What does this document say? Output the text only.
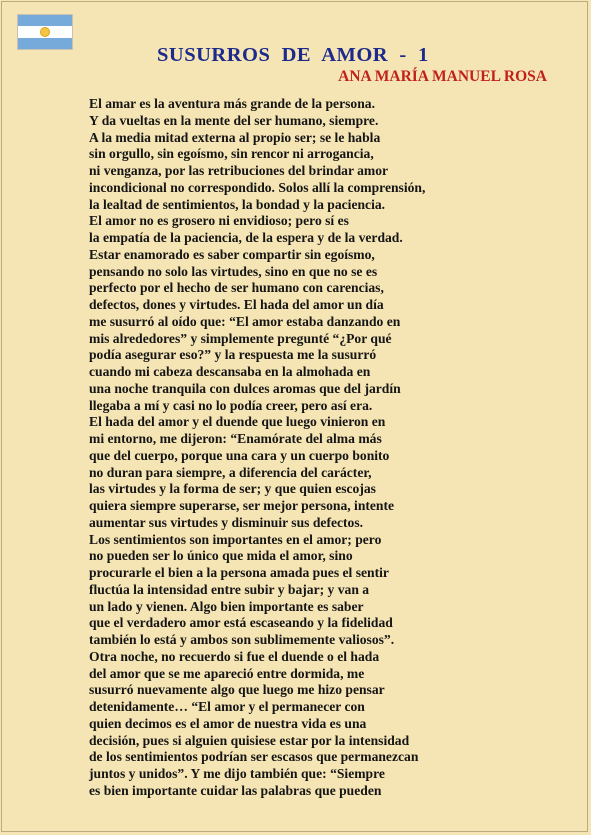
SUSURROS  DE  AMOR  -  1
ANA MARÍA MANUEL ROSA
El amar es la aventura más grande de la persona.
Y da vueltas en la mente del ser humano, siempre.
A la media mitad externa al propio ser; se le habla
sin orgullo, sin egoísmo, sin rencor ni arrogancia,
ni venganza, por las retribuciones del brindar amor
incondicional no correspondido. Solos allí la comprensión,
la lealtad de sentimientos, la bondad y la paciencia.
El amor no es grosero ni envidioso; pero sí es
la empatía de la paciencia, de la espera y de la verdad.
Estar enamorado es saber compartir sin egoísmo,
pensando no solo las virtudes, sino en que no se es
perfecto por el hecho de ser humano con carencias,
defectos, dones y virtudes. El hada del amor un día
me susurró al oído que: “El amor estaba danzando en
mis alrededores” y simplemente pregunté “¿Por qué
podía asegurar eso?” y la respuesta me la susurró
cuando mi cabeza descansaba en la almohada en
una noche tranquila con dulces aromas que del jardín
llegaba a mí y casi no lo podía creer, pero así era.
El hada del amor y el duende que luego vinieron en
mi entorno, me dijeron: “Enamórate del alma más
que del cuerpo, porque una cara y un cuerpo bonito
no duran para siempre, a diferencia del carácter,
las virtudes y la forma de ser; y que quien escojas
quiera siempre superarse, ser mejor persona, intente
aumentar sus virtudes y disminuir sus defectos.
Los sentimientos son importantes en el amor; pero
no pueden ser lo único que mida el amor, sino
procurarle el bien a la persona amada pues el sentir
fluctúa la intensidad entre subir y bajar; y van a
un lado y vienen. Algo bien importante es saber
que el verdadero amor está escaseando y la fidelidad
también lo está y ambos son sublimemente valiosos”.
Otra noche, no recuerdo si fue el duende o el hada
del amor que se me apareció entre dormida, me
susurró nuevamente algo que luego me hizo pensar
detenidamente… “El amor y el permanecer con
quien decimos es el amor de nuestra vida es una
decisión, pues si alguien quisiese estar por la intensidad
de los sentimientos podrían ser escasos que permanezcan
juntos y unidos”. Y me dijo también que: “Siempre
es bien importante cuidar las palabras que pueden
